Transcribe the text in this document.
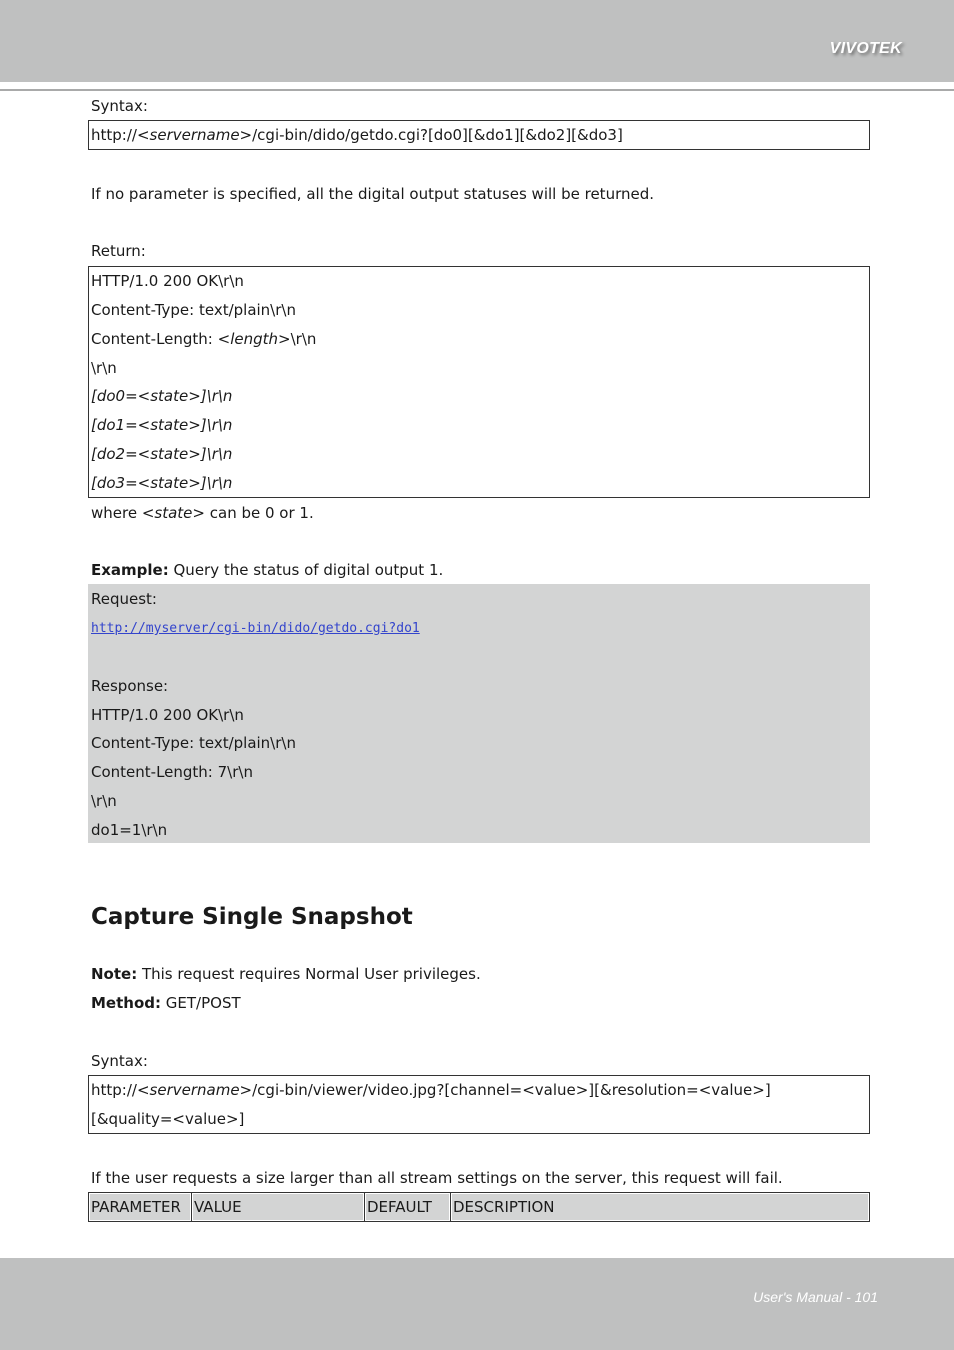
VIVOTEK
Syntax:
http://<servername>/cgi-bin/dido/getdo.cgi?[do0][&do1][&do2][&do3]
If no parameter is specified, all the digital output statuses will be returned.
Return:
HTTP/1.0 200 OK\r\n
Content-Type: text/plain\r\n
Content-Length: <length>\r\n
\r\n
[do0=<state>]\r\n
[do1=<state>]\r\n
[do2=<state>]\r\n
[do3=<state>]\r\n
where <state> can be 0 or 1.
Example: Query the status of digital output 1.
Request:
http://myserver/cgi-bin/dido/getdo.cgi?do1
Response:
HTTP/1.0 200 OK\r\n
Content-Type: text/plain\r\n
Content-Length: 7\r\n
\r\n
do1=1\r\n
Capture Single Snapshot
Note: This request requires Normal User privileges.
Method: GET/POST
Syntax:
http://<servername>/cgi-bin/viewer/video.jpg?[channel=<value>][&resolution=<value>]
[&quality=<value>]
If the user requests a size larger than all stream settings on the server, this request will fail.
PARAMETER	VALUE	DEFAULT	DESCRIPTION
User's Manual - 101
